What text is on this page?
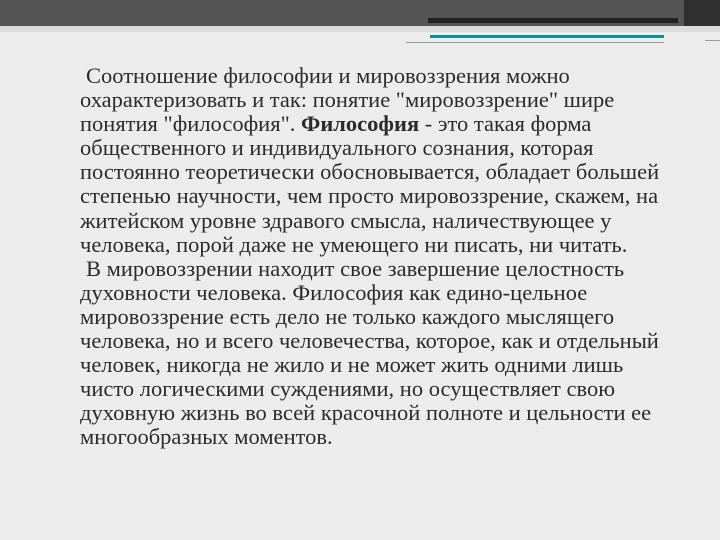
Соотношение философии и мировоззрения можно охарактеризовать и так: понятие "мировоззрение" шире понятия "философия". Философия - это такая форма общественного и индивидуального сознания, которая постоянно теоретически обосновывается, обладает большей степенью научности, чем просто мировоззрение, скажем, на житейском уровне здравого смысла, наличествующее у человека, порой даже не умеющего ни писать, ни читать.

В мировоззрении находит свое завершение целостность духовности человека. Философия как едино-цельное мировоззрение есть дело не только каждого мыслящего человека, но и всего человечества, которое, как и отдельный человек, никогда не жило и не может жить одними лишь чисто логическими суждениями, но осуществляет свою духовную жизнь во всей красочной полноте и цельности ее многообразных моментов.
